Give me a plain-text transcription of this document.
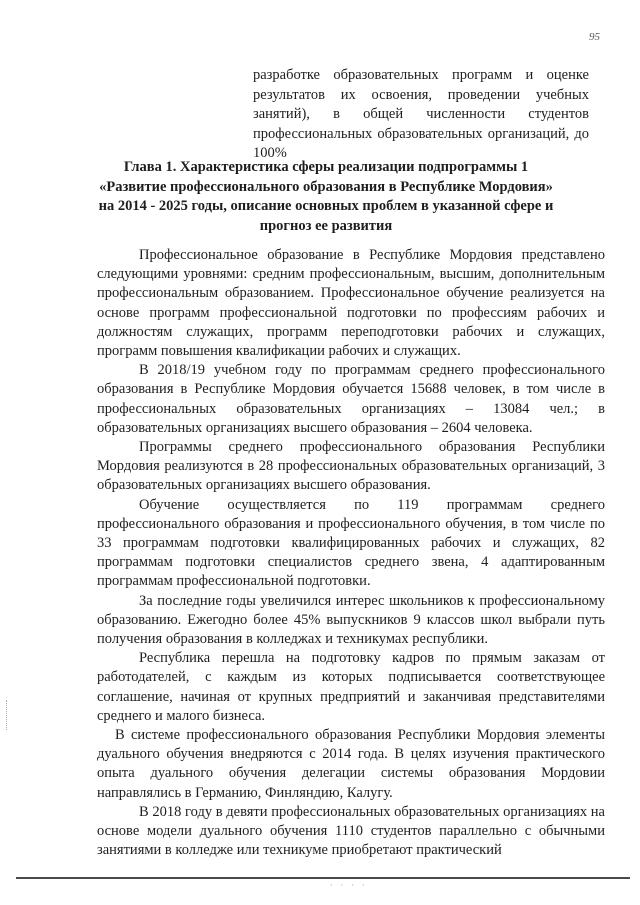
95

разработке образовательных программ и оценке результатов их освоения, проведении учебных занятий), в общей численности студентов профессиональных образовательных организаций, до 100%

Глава 1. Характеристика сферы реализации подпрограммы 1 «Развитие профессионального образования в Республике Мордовия» на 2014 - 2025 годы, описание основных проблем в указанной сфере и прогноз ее развития

Профессиональное образование в Республике Мордовия представлено следующими уровнями: средним профессиональным, высшим, дополнительным профессиональным образованием. Профессиональное обучение реализуется на основе программ профессиональной подготовки по профессиям рабочих и должностям служащих, программ переподготовки рабочих и служащих, программ повышения квалификации рабочих и служащих.

В 2018/19 учебном году по программам среднего профессионального образования в Республике Мордовия обучается 15688 человек, в том числе в профессиональных образовательных организациях – 13084 чел.; в образовательных организациях высшего образования – 2604 человека.

Программы среднего профессионального образования Республики Мордовия реализуются в 28 профессиональных образовательных организаций, 3 образовательных организациях высшего образования.

Обучение осуществляется по 119 программам среднего профессионального образования и профессионального обучения, в том числе по 33 программам подготовки квалифицированных рабочих и служащих, 82 программам подготовки специалистов среднего звена, 4 адаптированным программам профессиональной подготовки.

За последние годы увеличился интерес школьников к профессиональному образованию. Ежегодно более 45% выпускников 9 классов школ выбрали путь получения образования в колледжах и техникумах республики.

Республика перешла на подготовку кадров по прямым заказам от работодателей, с каждым из которых подписывается соответствующее соглашение, начиная от крупных предприятий и заканчивая представителями среднего и малого бизнеса.

В системе профессионального образования Республики Мордовия элементы дуального обучения внедряются с 2014 года. В целях изучения практического опыта дуального обучения делегации системы образования Мордовии направлялись в Германию, Финляндию, Калугу.

В 2018 году в девяти профессиональных образовательных организациях на основе модели дуального обучения 1110 студентов параллельно с обычными занятиями в колледже или техникуме приобретают практический

· · · ·
